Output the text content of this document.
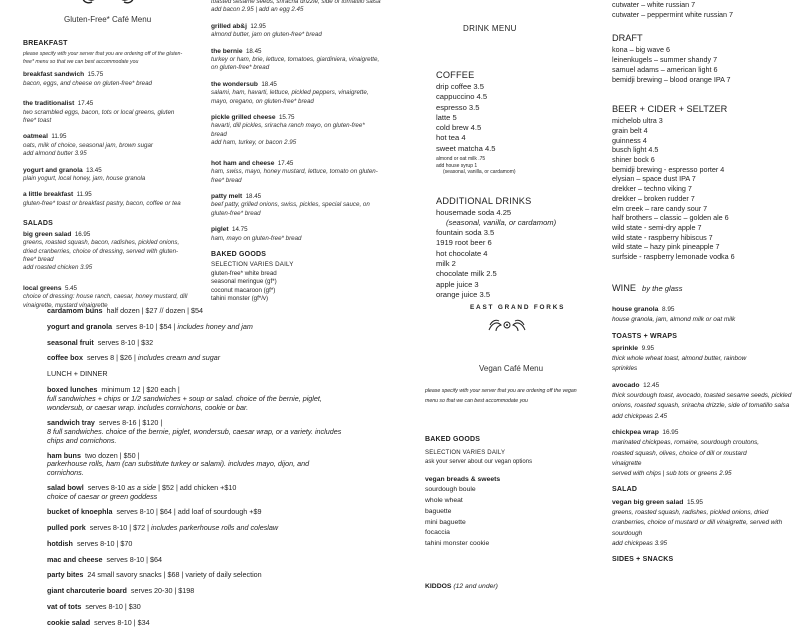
Gluten-Free* Café Menu
BREAKFAST
please specify with your server that you are ordering off of the gluten-free* menu so that we can best accommodate you
breakfast sandwich 15.75
bacon, eggs, and cheese on gluten-free* bread
the traditionalist 17.45
two scrambled eggs, bacon, tots or local greens, gluten free* toast
oatmeal 11.95
oats, milk of choice, seasonal jam, brown sugar
add almond butter 3.95
yogurt and granola 13.45
plain yogurt, local honey, jam, house granola
a little breakfast 11.95
gluten-free* toast or breakfast pastry, bacon, coffee or tea
SALADS
big green salad 16.95
greens, roasted squash, bacon, radishes, pickled onions, dried cranberries, choice of dressing, served with gluten-free* bread
add roasted chicken 3.95
local greens 5.45
choice of dressing: house ranch, caesar, honey mustard, dill vinaigrette, mustard vinaigrette
toasted sesame seeds, sriracha drizzle, side of tomatillo salsa
add bacon 2.95 | add an egg 2.45
grilled ab&j 12.95
almond butter, jam on gluten-free* bread
the bernie 18.45
turkey or ham, brie, lettuce, tomatoes, giardiniera, vinaigrette, on gluten-free* bread
the wondersub 18.45
salami, ham, havarti, lettuce, pickled peppers, vinaigrette, mayo, oregano, on gluten-free* bread
pickle grilled cheese 15.75
havarti, dill pickles, sriracha ranch mayo, on gluten-free* bread
add ham, turkey, or bacon 2.95
hot ham and cheese 17.45
ham, swiss, mayo, honey mustard, lettuce, tomato on gluten-free* bread
patty melt 18.45
beef patty, grilled onions, swiss, pickles, special sauce, on gluten-free* bread
piglet 14.75
ham, mayo on gluten-free* bread
BAKED GOODS
SELECTION VARIES DAILY
gluten-free* white bread
seasonal meringue (gf*)
coconut macaroon (gf*)
tahini monster (gf*/v)
cardamom buns half dozen | $27 // dozen | $54
yogurt and granola serves 8-10 | $54 | includes honey and jam
seasonal fruit serves 8-10 | $32
coffee box serves 8 | $26 | includes cream and sugar
LUNCH + DINNER
boxed lunches minimum 12 | $20 each |
full sandwiches + chips or 1/2 sandwiches + soup or salad. choice of the bernie, piglet, wondersub, or caesar wrap. includes cornichons, cookie or bar.
sandwich tray serves 8-16 | $120 |
8 full sandwiches. choice of the bernie, piglet, wondersub, caesar wrap, or a variety. includes chips and cornichons.
ham buns two dozen | $50 |
parkerhouse rolls, ham (can substitute turkey or salami). includes mayo, dijon, and cornichons.
salad bowl serves 8-10 as a side | $52 | add chicken +$10
choice of caesar or green goddess
bucket of knoephla serves 8-10 | $64 | add loaf of sourdough +$9
pulled pork serves 8-10 | $72 | includes parkerhouse rolls and coleslaw
hotdish serves 8-10 | $70
mac and cheese serves 8-10 | $64
party bites 24 small savory snacks | $68 | variety of daily selection
giant charcuterie board serves 20-30 | $198
vat of tots serves 8-10 | $30
cookie salad serves 8-10 | $34
DRINK MENU
COFFEE
drip coffee 3.5
cappuccino 4.5
espresso 3.5
latte 5
cold brew 4.5
hot tea 4
sweet matcha 4.5
almond or oat milk .75
add house syrup 1
(seasonal, vanilla, or cardamom)
ADDITIONAL DRINKS
housemade soda 4.25
(seasonal, vanilla, or cardamom)
fountain soda 3.5
1919 root beer 6
hot chocolate 4
milk 2
chocolate milk 2.5
apple juice 3
orange juice 3.5
EAST GRAND FORKS
Vegan Café Menu
please specify with your server that you are ordering off the vegan menu so that we can best accommodate you
BAKED GOODS
SELECTION VARIES DAILY
ask your server about our vegan options
vegan breads & sweets
sourdough boule
whole wheat
baguette
mini baguette
focaccia
tahini monster cookie
KIDDOS (12 and under)
cutwater – white russian 7
cutwater – peppermint white russian 7
DRAFT
kona – big wave 6
leinenkugels – summer shandy 7
samuel adams – american light 6
bemidji brewing – blood orange IPA 7
BEER + CIDER + SELTZER
michelob ultra 3
grain belt 4
guinness 4
busch light 4.5
shiner bock 6
bemidji brewing - espresso porter 4
elysian – space dust IPA 7
drekker – techno viking 7
drekker – broken rudder 7
elm creek – rare candy sour 7
half brothers – classic – golden ale 6
wild state - semi-dry apple 7
wild state - raspberry hibiscus 7
wild state – hazy pink pineapple 7
surfside - raspberry lemonade vodka 6
WINE by the glass
house granola 8.95
house granola, jam, almond milk or oat milk
TOASTS + WRAPS
sprinkle 9.95
thick whole wheat toast, almond butter, rainbow sprinkles
avocado 12.45
thick sourdough toast, avocado, toasted sesame seeds, pickled onions, roasted squash, sriracha drizzle, side of tomatillo salsa
add chickpeas 2.45
chickpea wrap 16.95
marinated chickpeas, romaine, sourdough croutons, roasted squash, olives, choice of dill or mustard vinaigrette
served with chips | sub tots or greens 2.95
SALAD
vegan big green salad 15.95
greens, roasted squash, radishes, pickled onions, dried cranberries, choice of mustard or dill vinaigrette, served with sourdough
add chickpeas 3.95
SIDES + SNACKS
